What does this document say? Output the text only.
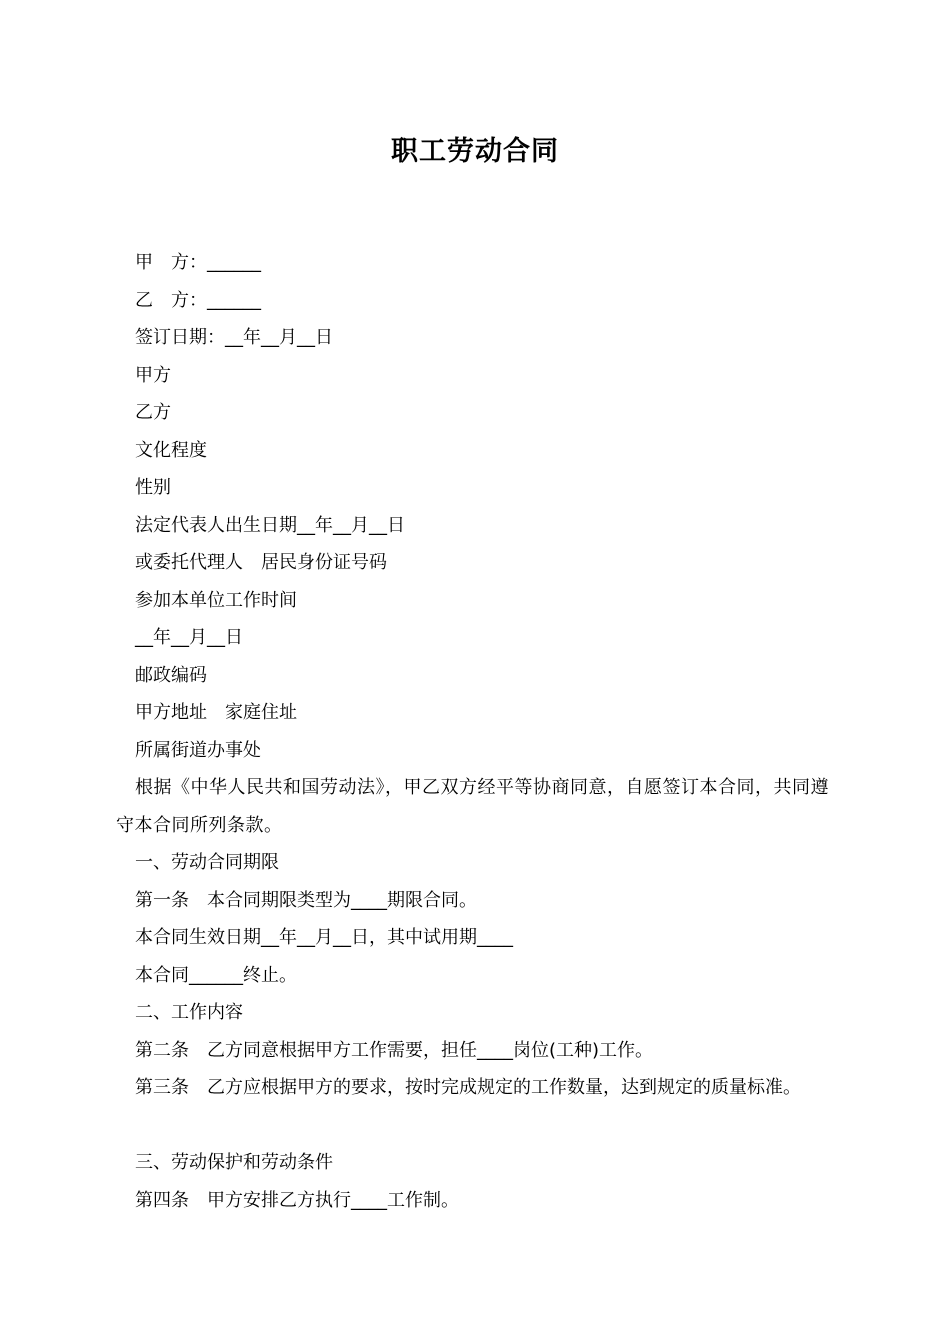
职工劳动合同

甲　方：______

乙　方：______

签订日期：__年__月__日

甲方

乙方

文化程度

性别

法定代表人出生日期__年__月__日

或委托代理人　居民身份证号码

参加本单位工作时间

__年__月__日

邮政编码

甲方地址　家庭住址

所属街道办事处

根据《中华人民共和国劳动法》，甲乙双方经平等协商同意，自愿签订本合同，共同遵守本合同所列条款。

一、劳动合同期限

第一条　本合同期限类型为____期限合同。

本合同生效日期__年__月__日，其中试用期____

本合同______终止。

二、工作内容

第二条　乙方同意根据甲方工作需要，担任____岗位(工种)工作。

第三条　乙方应根据甲方的要求，按时完成规定的工作数量，达到规定的质量标准。

三、劳动保护和劳动条件

第四条　甲方安排乙方执行____工作制。
